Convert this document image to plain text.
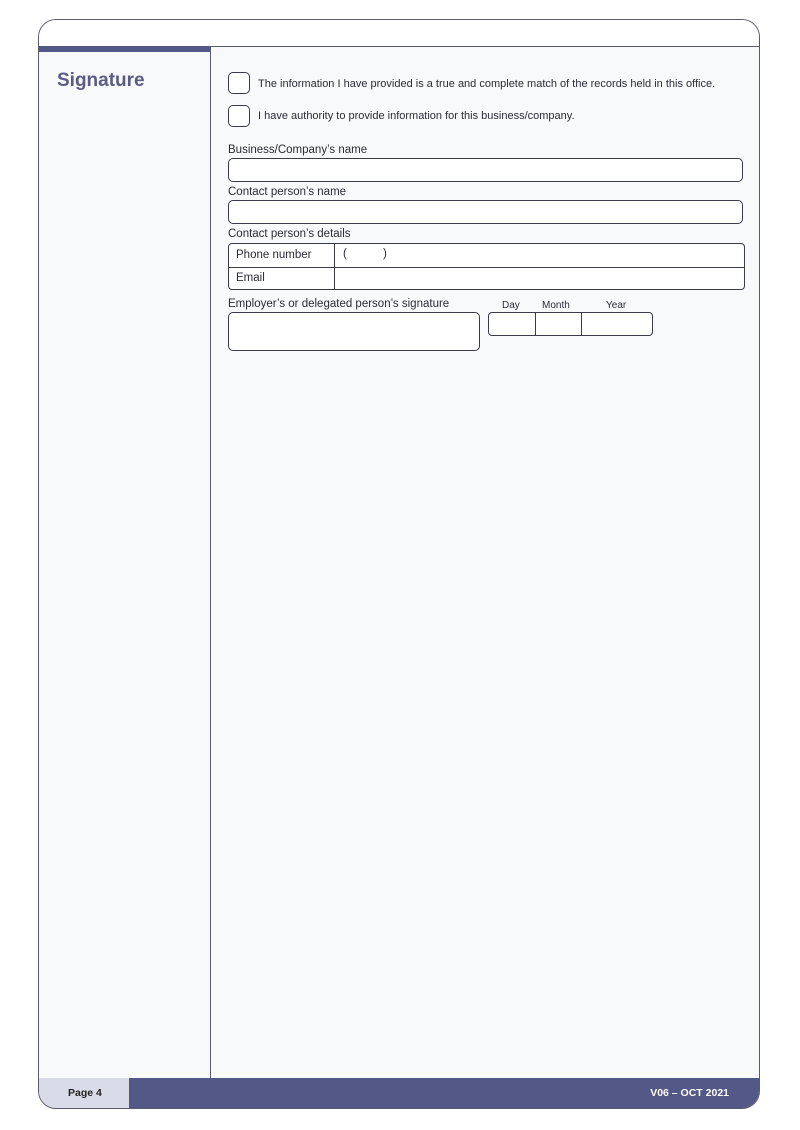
Signature	The information I have provided is a true and complete match of the records held in this office.
I have authority to provide information for this business/company.
Business/Company’s name
Contact person’s name
Contact person’s details
Phone number	(	)
Email
Employer’s or delegated person’s signature	Day Month	Year
Page 4	V06 – OCT 2021
